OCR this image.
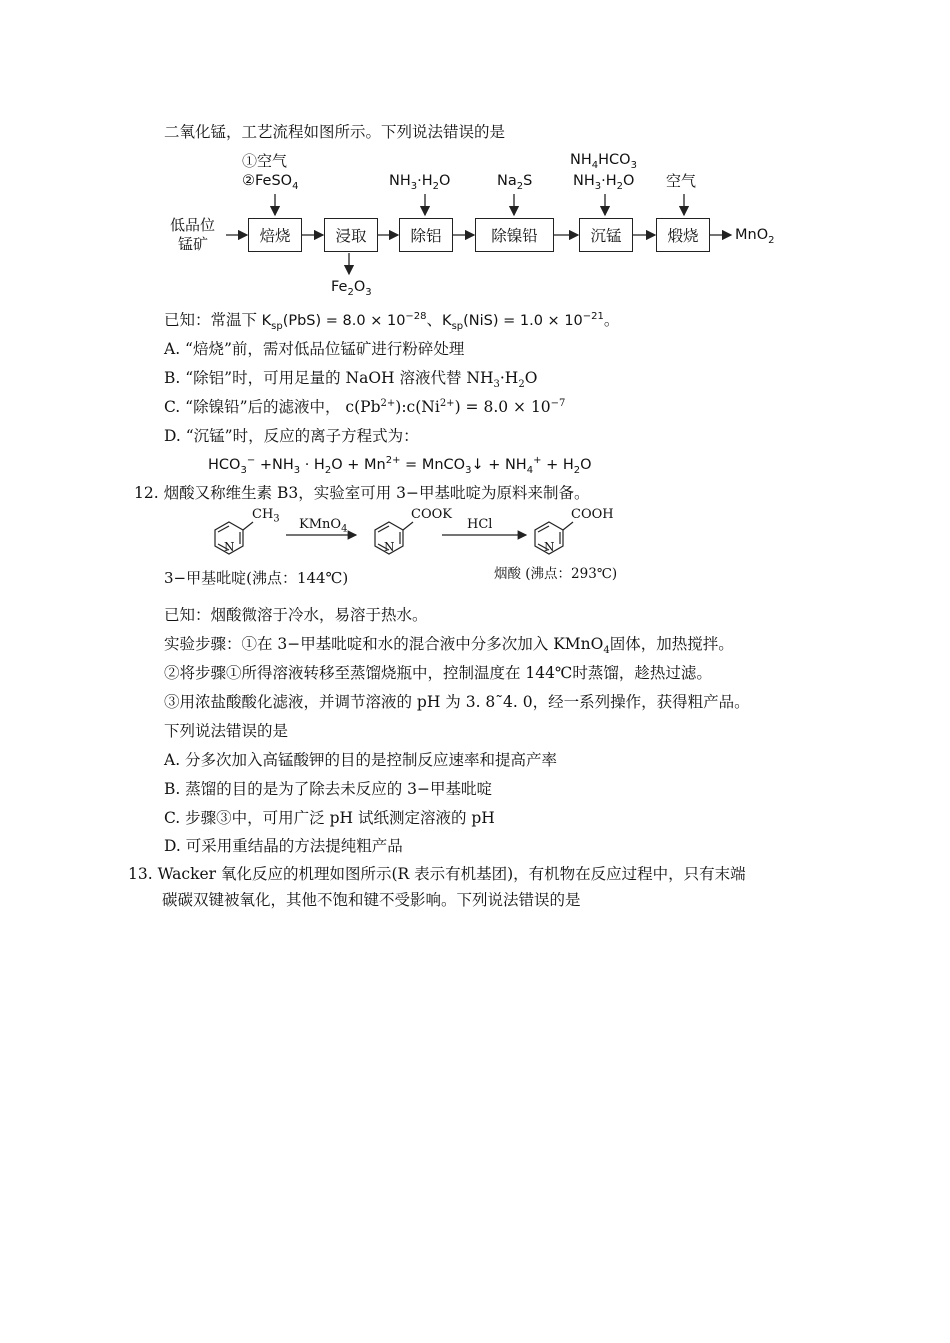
二氧化锰，工艺流程如图所示。下列说法错误的是
低品位
锰矿	焙烧	浸取	除铝	除镍铅	沉锰	煅烧
①空气
②FeSO$_4$	$NH_3\cdot H_2O$	$Na_2S$
$NH_4HCO_3$
$NH_3\cdot H_2O$ 空气
MnO$_2$
$Fe_2O_3$
已知：常温下 $K_{sp}(PbS) = 8.0 \times 10^{-28}$、$K_{sp}(NiS) = 1.0 \times 10^{-21}$。
A. “焙烧”前，需对低品位锰矿进行粉碎处理
B. “除铝”时，可用足量的 NaOH 溶液代替 $NH_3\cdot H_2O$
C. “除镍铅”后的滤液中， $c(Pb^{2+}):c(Ni^{2+}) = 8.0 \times 10^{-7}$
D. “沉锰”时，反应的离子方程式为：
$HCO_3^- +NH_3 \cdot H_2O + Mn^{2+}$ = MnCO$_3$↓ + $NH_4^+ + H_2O$
12. 烟酸又称维生素 B3，实验室可用 3−甲基吡啶为原料来制备。
$CH_3$
N
KMnO$_4$
COOK
N
HCl
COOH
N
3−甲基吡啶(沸点：144℃)	烟酸 (沸点：293℃)
已知：烟酸微溶于冷水，易溶于热水。
实验步骤：①在 3−甲基吡啶和水的混合液中分多次加入 KMnO$_4$固体，加热搅拌。
②将步骤①所得溶液转移至蒸馏烧瓶中，控制温度在 144℃时蒸馏，趁热过滤。
③用浓盐酸酸化滤液，并调节溶液的 pH 为 3. 8˜4. 0，经一系列操作，获得粗产品。
下列说法错误的是
A. 分多次加入高锰酸钾的目的是控制反应速率和提高产率
B. 蒸馏的目的是为了除去未反应的 3−甲基吡啶
C. 步骤③中，可用广泛 pH 试纸测定溶液的 pH
D. 可采用重结晶的方法提纯粗产品
13. Wacker 氧化反应的机理如图所示(R 表示有机基团)，有机物在反应过程中，只有末端
碳碳双键被氧化，其他不饱和键不受影响。下列说法错误的是
